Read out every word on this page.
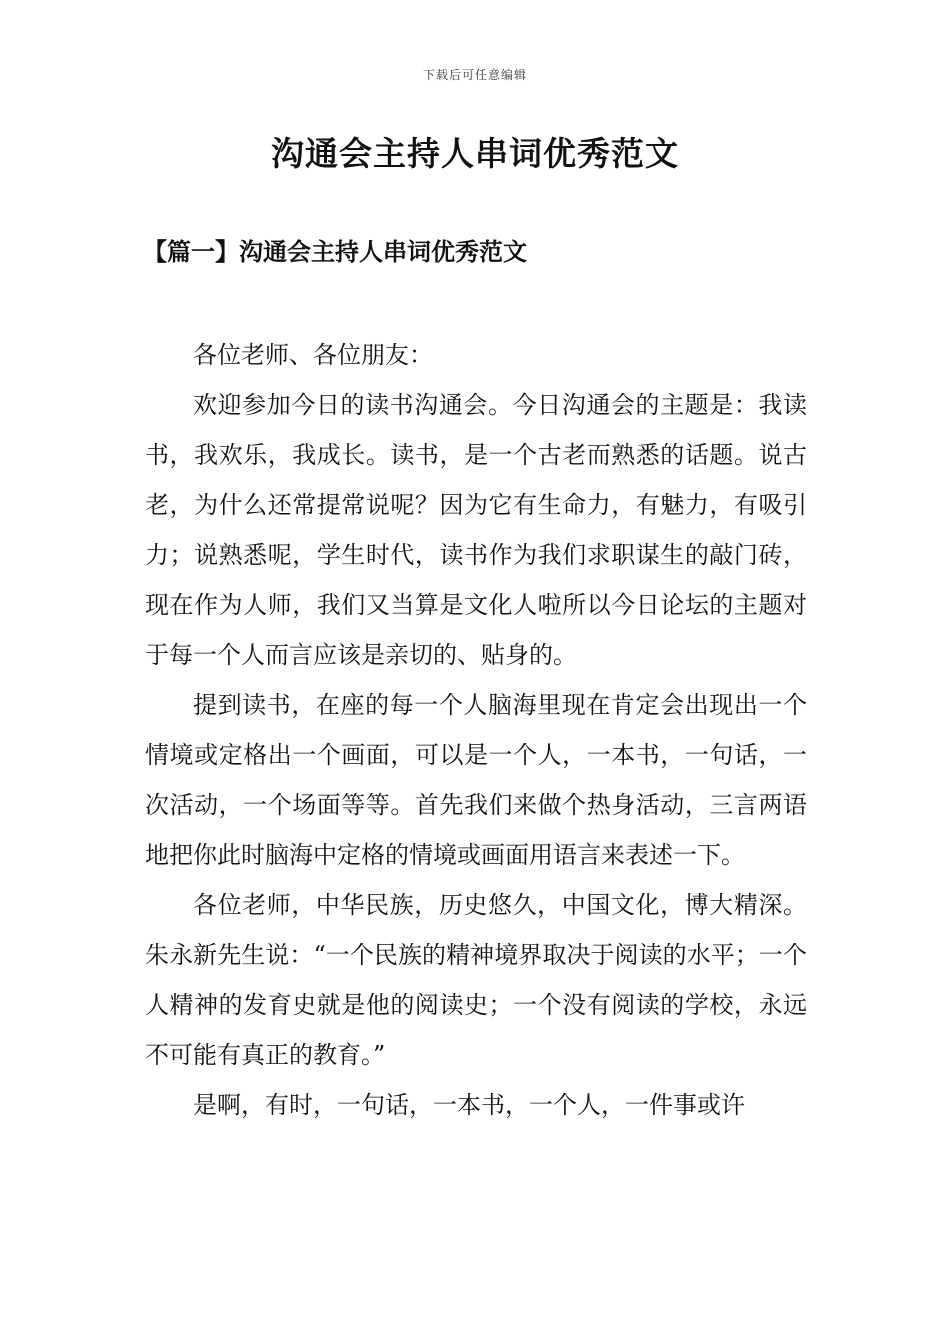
下载后可任意编辑
沟通会主持人串词优秀范文
【篇一】沟通会主持人串词优秀范文

各位老师、各位朋友：

欢迎参加今日的读书沟通会。今日沟通会的主题是：我读书，我欢乐，我成长。读书，是一个古老而熟悉的话题。说古老，为什么还常提常说呢？因为它有生命力，有魅力，有吸引力；说熟悉呢，学生时代，读书作为我们求职谋生的敲门砖，现在作为人师，我们又当算是文化人啦所以今日论坛的主题对于每一个人而言应该是亲切的、贴身的。

提到读书，在座的每一个人脑海里现在肯定会出现出一个情境或定格出一个画面，可以是一个人，一本书，一句话，一次活动，一个场面等等。首先我们来做个热身活动，三言两语地把你此时脑海中定格的情境或画面用语言来表述一下。

各位老师，中华民族，历史悠久，中国文化，博大精深。朱永新先生说：“一个民族的精神境界取决于阅读的水平；一个人精神的发育史就是他的阅读史；一个没有阅读的学校，永远不可能有真正的教育。”

是啊，有时，一句话，一本书，一个人，一件事或许
